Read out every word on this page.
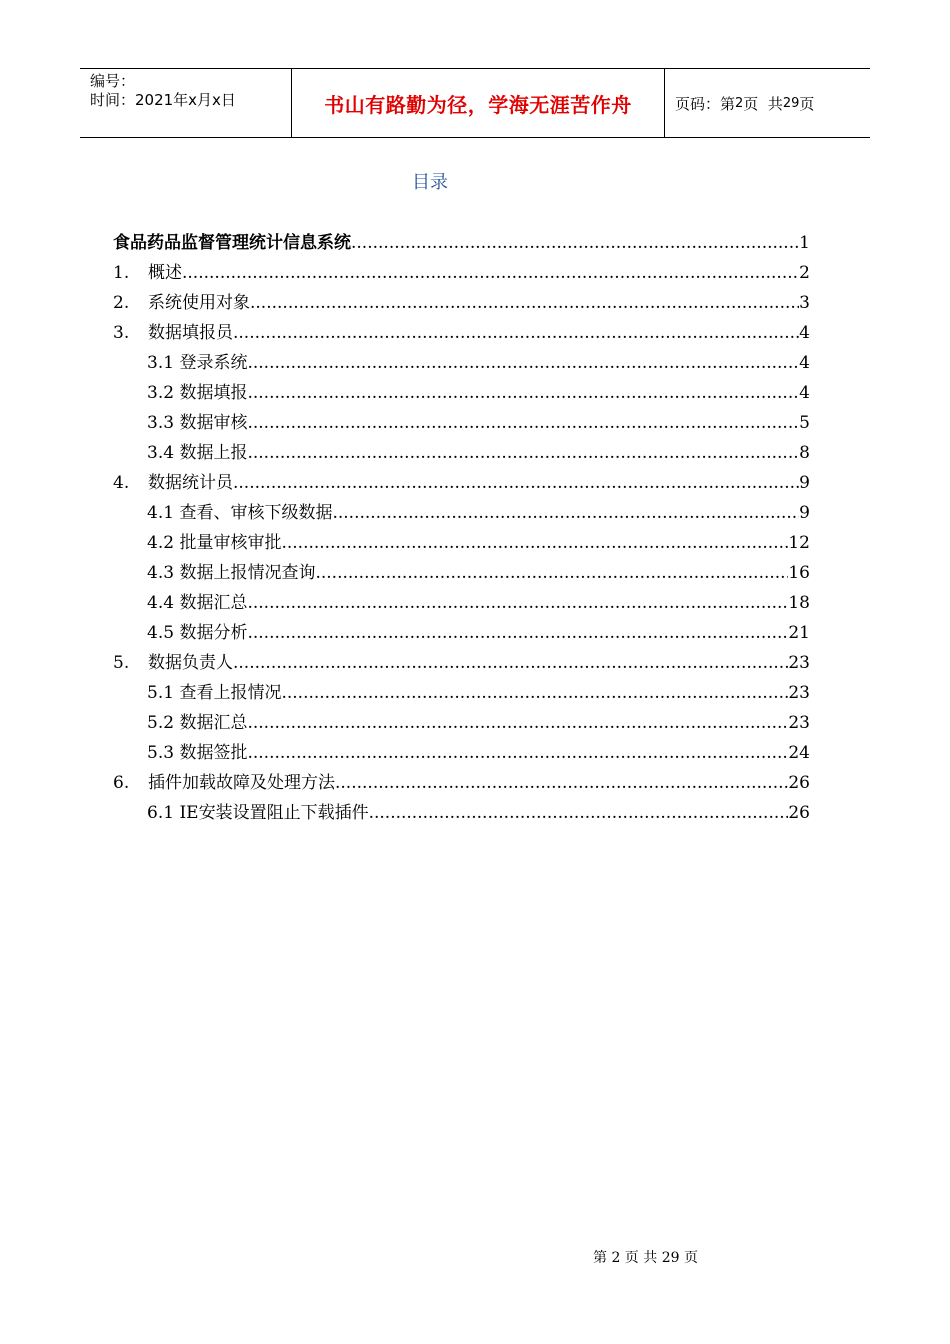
编号：
时间：2021年x月x日	书山有路勤为径，学海无涯苦作舟	页码：第 2 页  共 29 页
目录
食品药品监督管理统计信息系统 .....	1
1.	概述 .....	2
2.	系统使用对象 .....	3
3.	数据填报员 .....	4
3.1 登录系统 .....	4
3.2 数据填报 .....	4
3.3 数据审核 .....	5
3.4 数据上报 .....	8
4.	数据统计员 .....	9
4.1 查看、审核下级数据 .....	9
4.2 批量审核审批 .....	12
4.3 数据上报情况查询 .....	16
4.4 数据汇总 .....	18
4.5 数据分析 .....	21
5.	数据负责人 .....	23
5.1 查看上报情况 .....	23
5.2 数据汇总 .....	23
5.3 数据签批 .....	24
6.	插件加载故障及处理方法 .....	26
6.1 IE安装设置阻止下载插件 .....	26
第 2 页 共 29 页
